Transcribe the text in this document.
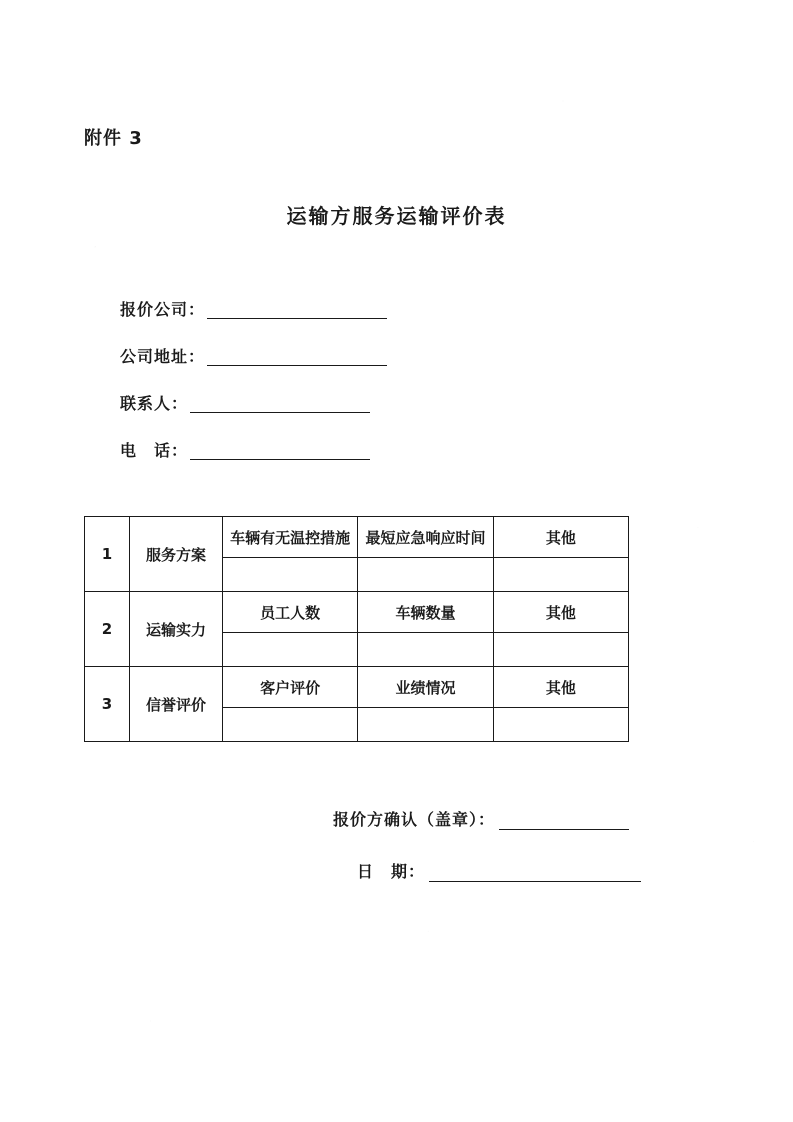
附件 3
运输方服务运输评价表
报价公司：
公司地址：
联系人：
电　话：
1	服务方案	车辆有无温控措施	最短应急响应时间	其他

2	运输实力	员工人数	车辆数量	其他

3	信誉评价	客户评价	业绩情况	其他

报价方确认（盖章）：
日　期：
